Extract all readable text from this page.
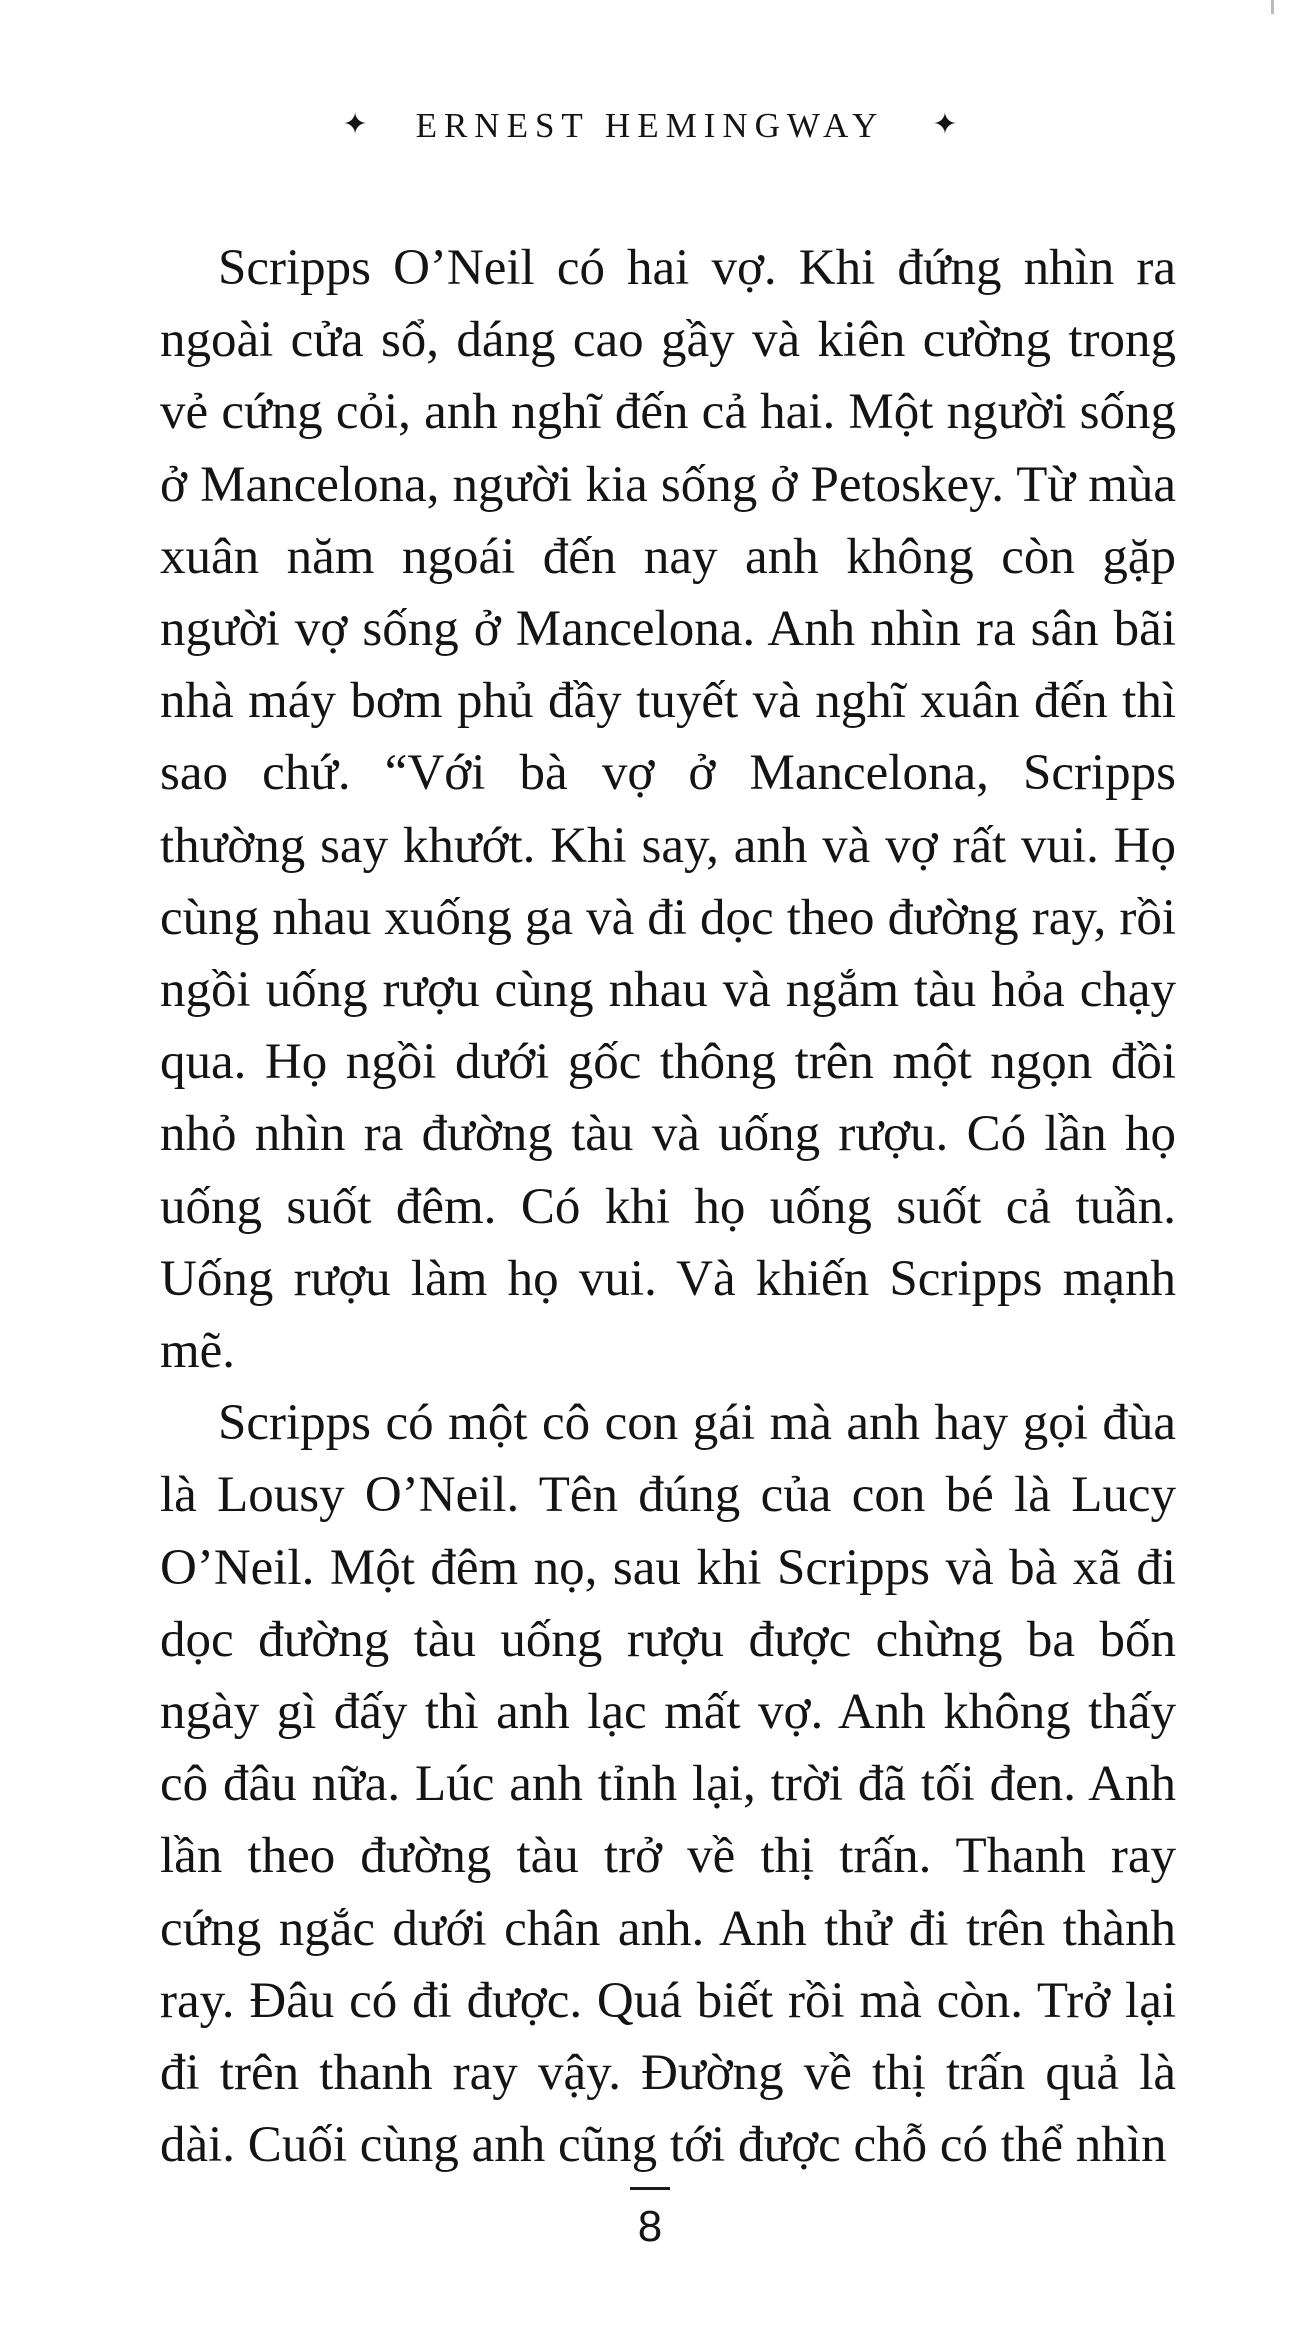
✦ ERNEST HEMINGWAY ✦

Scripps O’Neil có hai vợ. Khi đứng nhìn ra ngoài cửa sổ, dáng cao gầy và kiên cường trong vẻ cứng cỏi, anh nghĩ đến cả hai. Một người sống ở Mancelona, người kia sống ở Petoskey. Từ mùa xuân năm ngoái đến nay anh không còn gặp người vợ sống ở Mancelona. Anh nhìn ra sân bãi nhà máy bơm phủ đầy tuyết và nghĩ xuân đến thì sao chứ. “Với bà vợ ở Mancelona, Scripps thường say khướt. Khi say, anh và vợ rất vui. Họ cùng nhau xuống ga và đi dọc theo đường ray, rồi ngồi uống rượu cùng nhau và ngắm tàu hỏa chạy qua. Họ ngồi dưới gốc thông trên một ngọn đồi nhỏ nhìn ra đường tàu và uống rượu. Có lần họ uống suốt đêm. Có khi họ uống suốt cả tuần. Uống rượu làm họ vui. Và khiến Scripps mạnh mẽ.

Scripps có một cô con gái mà anh hay gọi đùa là Lousy O’Neil. Tên đúng của con bé là Lucy O’Neil. Một đêm nọ, sau khi Scripps và bà xã đi dọc đường tàu uống rượu được chừng ba bốn ngày gì đấy thì anh lạc mất vợ. Anh không thấy cô đâu nữa. Lúc anh tỉnh lại, trời đã tối đen. Anh lần theo đường tàu trở về thị trấn. Thanh ray cứng ngắc dưới chân anh. Anh thử đi trên thành ray. Đâu có đi được. Quá biết rồi mà còn. Trở lại đi trên thanh ray vậy. Đường về thị trấn quả là dài. Cuối cùng anh cũng tới được chỗ có thể nhìn

8
